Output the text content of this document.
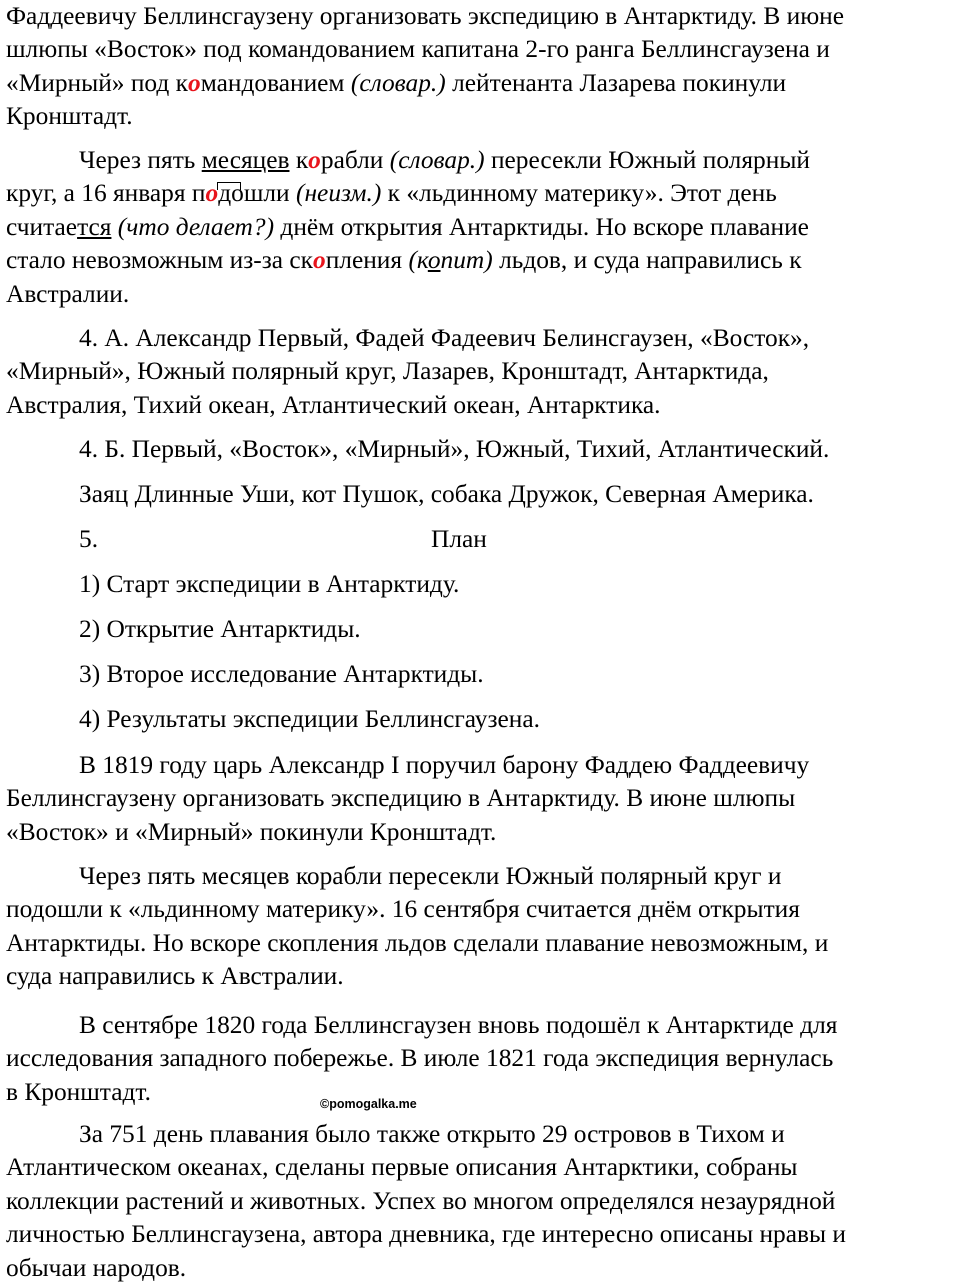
Фаддеевичу Беллинсгаузену организовать экспедицию в Антарктиду. В июне
шлюпы «Восток» под командованием капитана 2-го ранга Беллинсгаузена и
«Мирный» под командованием (словар.) лейтенанта Лазарева покинули
Кронштадт.
Через пять месяцев корабли (словар.) пересекли Южный полярный
круг, а 16 января подошли (неизм.) к «льдинному материку». Этот день
считается (что делает?) днём открытия Антарктиды. Но вскоре плавание
стало невозможным из-за скопления (копит) льдов, и суда направились к
Австралии.
4. А. Александр Первый, Фадей Фадеевич Белинсгаузен, «Восток»,
«Мирный», Южный полярный круг, Лазарев, Кронштадт, Антарктида,
Австралия, Тихий океан, Атлантический океан, Антарктика.
4. Б. Первый, «Восток», «Мирный», Южный, Тихий, Атлантический.
Заяц Длинные Уши, кот Пушок, собака Дружок, Северная Америка.
5.	План
1) Старт экспедиции в Антарктиду.
2) Открытие Антарктиды.
3) Второе исследование Антарктиды.
4) Результаты экспедиции Беллинсгаузена.
В 1819 году царь Александр I поручил барону Фаддею Фаддеевичу
Беллинсгаузену организовать экспедицию в Антарктиду. В июне шлюпы
«Восток» и «Мирный» покинули Кронштадт.
Через пять месяцев корабли пересекли Южный полярный круг и
подошли к «льдинному материку». 16 сентября считается днём открытия
Антарктиды. Но вскоре скопления льдов сделали плавание невозможным, и
суда направились к Австралии.
В сентябре 1820 года Беллинсгаузен вновь подошёл к Антарктиде для
исследования западного побережье. В июле 1821 года экспедиция вернулась
в Кронштадт.	©pomogalka.me
За 751 день плавания было также открыто 29 островов в Тихом и
Атлантическом океанах, сделаны первые описания Антарктики, собраны
коллекции растений и животных. Успех во многом определялся незаурядной
личностью Беллинсгаузена, автора дневника, где интересно описаны нравы и
обычаи народов.
